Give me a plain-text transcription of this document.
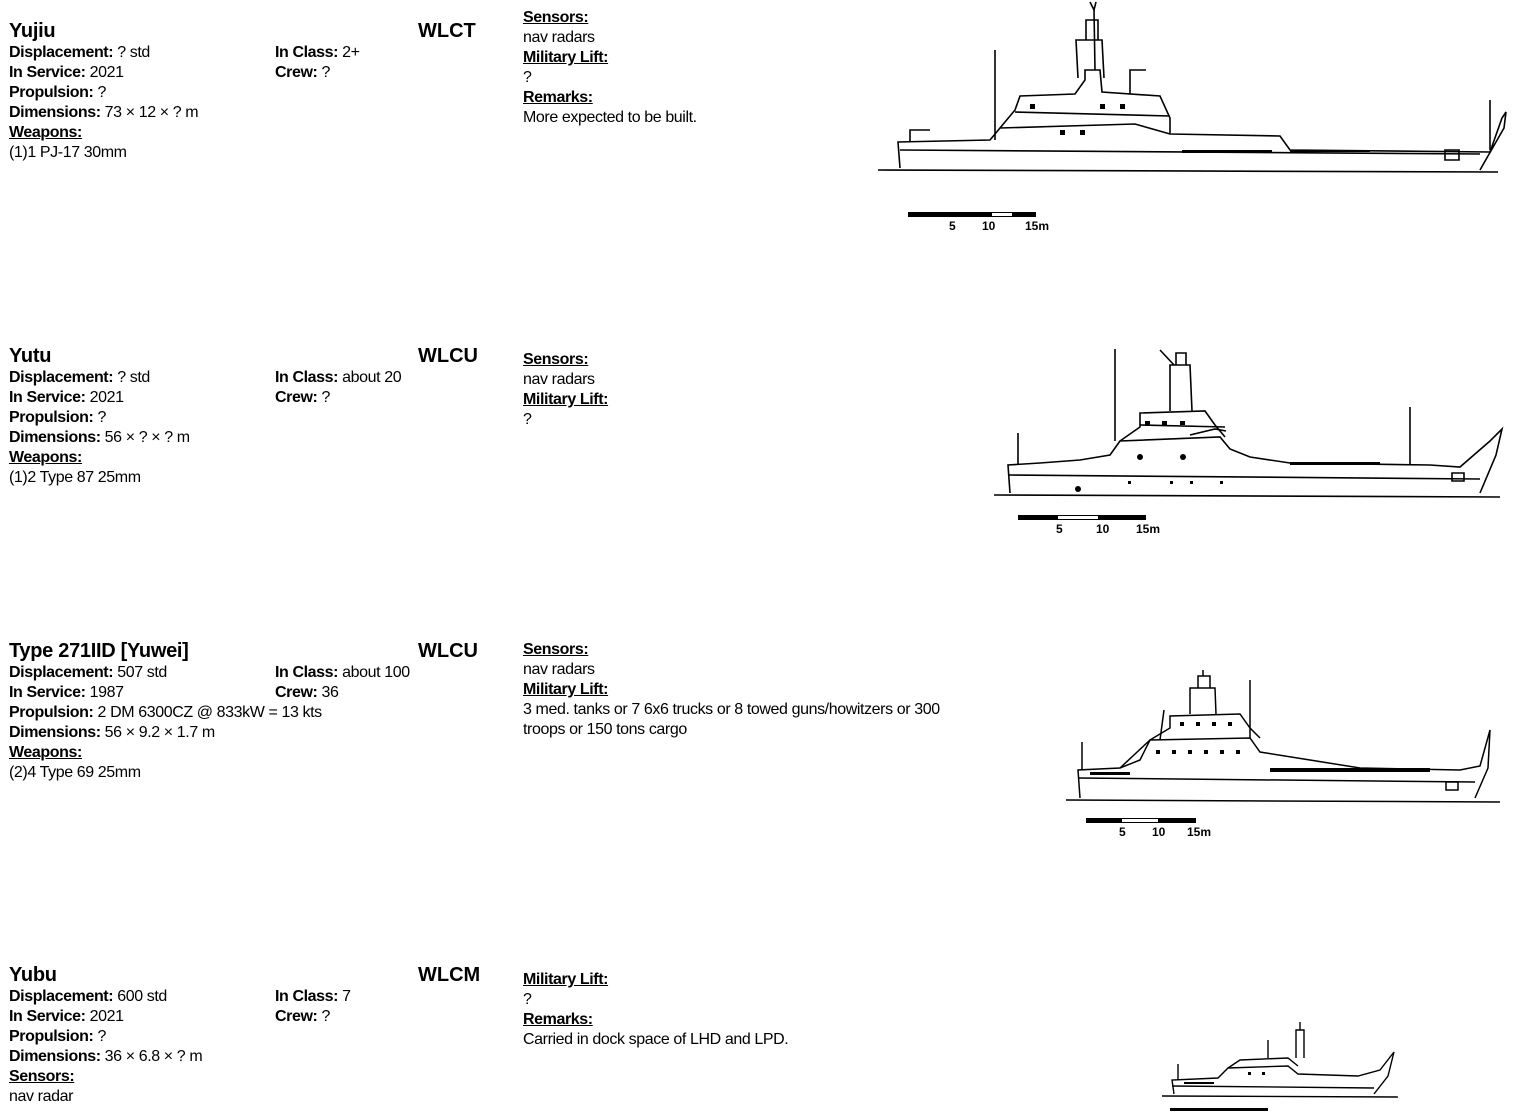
Yujiu	WLCT
Displacement: ? std	In Class: 2+
In Service: 2021	Crew: ?
Propulsion: ?
Dimensions: 73 × 12 × ? m
Weapons:
(1)1 PJ-17 30mm
Sensors:
nav radars
Military Lift:
?
Remarks:
More expected to be built.
5 10 15m
Yutu	WLCU
Displacement: ? std	In Class: about 20
In Service: 2021	Crew: ?
Propulsion: ?
Dimensions: 56 × ? × ? m
Weapons:
(1)2 Type 87 25mm
Sensors:
nav radars
Military Lift:
?
5	10 15m
Type 271IID [Yuwei]	WLCU
Displacement: 507 std	In Class: about 100
In Service: 1987	Crew: 36
Propulsion: 2 DM 6300CZ @ 833kW = 13 kts
Dimensions: 56 × 9.2 × 1.7 m
Weapons:
(2)4 Type 69 25mm
Sensors:
nav radars
Military Lift:
3 med. tanks or 7 6x6 trucks or 8 towed guns/howitzers or 300
troops or 150 tons cargo
5 10 15m
Yubu	WLCM
Displacement: 600 std	In Class: 7
In Service: 2021	Crew: ?
Propulsion: ?
Dimensions: 36 × 6.8 × ? m
Sensors:
nav radar
Military Lift:
?
Remarks:
Carried in dock space of LHD and LPD.
